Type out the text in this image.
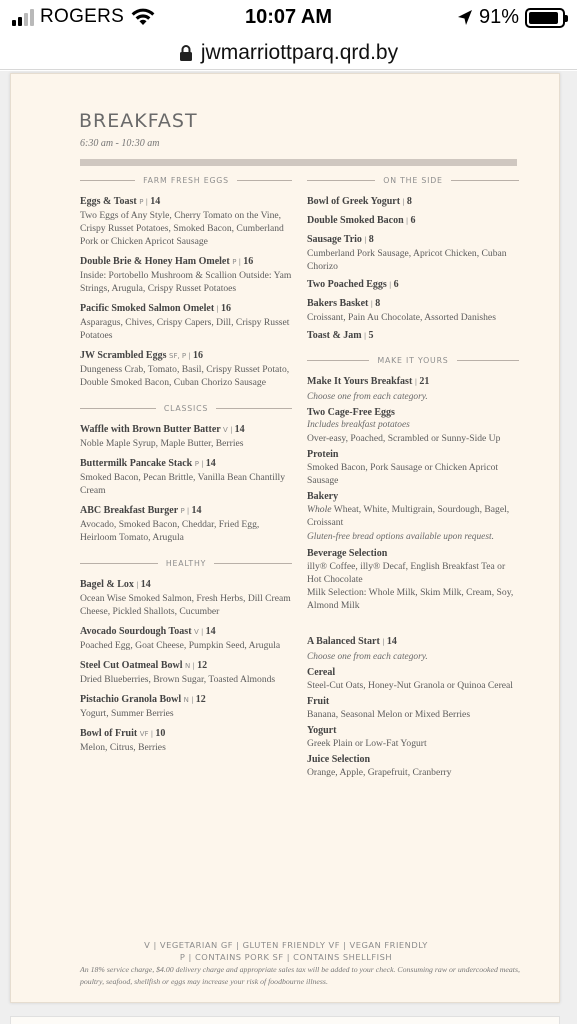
ROGERS	10:07 AM	91%
jwmarriottparq.qrd.by
BREAKFAST
6:30 am - 10:30 am
FARM FRESH EGGS
Eggs & Toast P | 14
Two Eggs of Any Style, Cherry Tomato on the Vine, Crispy Russet Potatoes, Smoked Bacon, Cumberland Pork or Chicken Apricot Sausage
Double Brie & Honey Ham Omelet P | 16
Inside: Portobello Mushroom & Scallion Outside: Yam Strings, Arugula, Crispy Russet Potatoes
Pacific Smoked Salmon Omelet | 16
Asparagus, Chives, Crispy Capers, Dill, Crispy Russet Potatoes
JW Scrambled Eggs SF, P | 16
Dungeness Crab, Tomato, Basil, Crispy Russet Potato, Double Smoked Bacon, Cuban Chorizo Sausage
CLASSICS
Waffle with Brown Butter Batter V | 14
Noble Maple Syrup, Maple Butter, Berries
Buttermilk Pancake Stack P | 14
Smoked Bacon, Pecan Brittle, Vanilla Bean Chantilly Cream
ABC Breakfast Burger P | 14
Avocado, Smoked Bacon, Cheddar, Fried Egg, Heirloom Tomato, Arugula
HEALTHY
Bagel & Lox | 14
Ocean Wise Smoked Salmon, Fresh Herbs, Dill Cream Cheese, Pickled Shallots, Cucumber
Avocado Sourdough Toast V | 14
Poached Egg, Goat Cheese, Pumpkin Seed, Arugula
Steel Cut Oatmeal Bowl N | 12
Dried Blueberries, Brown Sugar, Toasted Almonds
Pistachio Granola Bowl N | 12
Yogurt, Summer Berries
Bowl of Fruit VF | 10
Melon, Citrus, Berries
ON THE SIDE
Bowl of Greek Yogurt | 8
Double Smoked Bacon | 6
Sausage Trio | 8
Cumberland Pork Sausage, Apricot Chicken, Cuban Chorizo
Two Poached Eggs | 6
Bakers Basket | 8
Croissant, Pain Au Chocolate, Assorted Danishes
Toast & Jam | 5
MAKE IT YOURS
Make It Yours Breakfast | 21
Choose one from each category.
Two Cage-Free Eggs
Includes breakfast potatoes
Over-easy, Poached, Scrambled or Sunny-Side Up
Protein
Smoked Bacon, Pork Sausage or Chicken Apricot Sausage
Bakery
Whole Wheat, White, Multigrain, Sourdough, Bagel, Croissant
Gluten-free bread options available upon request.
Beverage Selection
illy® Coffee, illy® Decaf, English Breakfast Tea or Hot Chocolate
Milk Selection: Whole Milk, Skim Milk, Cream, Soy, Almond Milk
A Balanced Start | 14
Choose one from each category.
Cereal
Steel-Cut Oats, Honey-Nut Granola or Quinoa Cereal
Fruit
Banana, Seasonal Melon or Mixed Berries
Yogurt
Greek Plain or Low-Fat Yogurt
Juice Selection
Orange, Apple, Grapefruit, Cranberry
V | VEGETARIAN GF | GLUTEN FRIENDLY VF | VEGAN FRIENDLY
P | CONTAINS PORK SF | CONTAINS SHELLFISH
An 18% service charge, $4.00 delivery charge and appropriate sales tax will be added to your check. Consuming raw or undercooked meats, poultry, seafood, shellfish or eggs may increase your risk of foodbourne illness.
